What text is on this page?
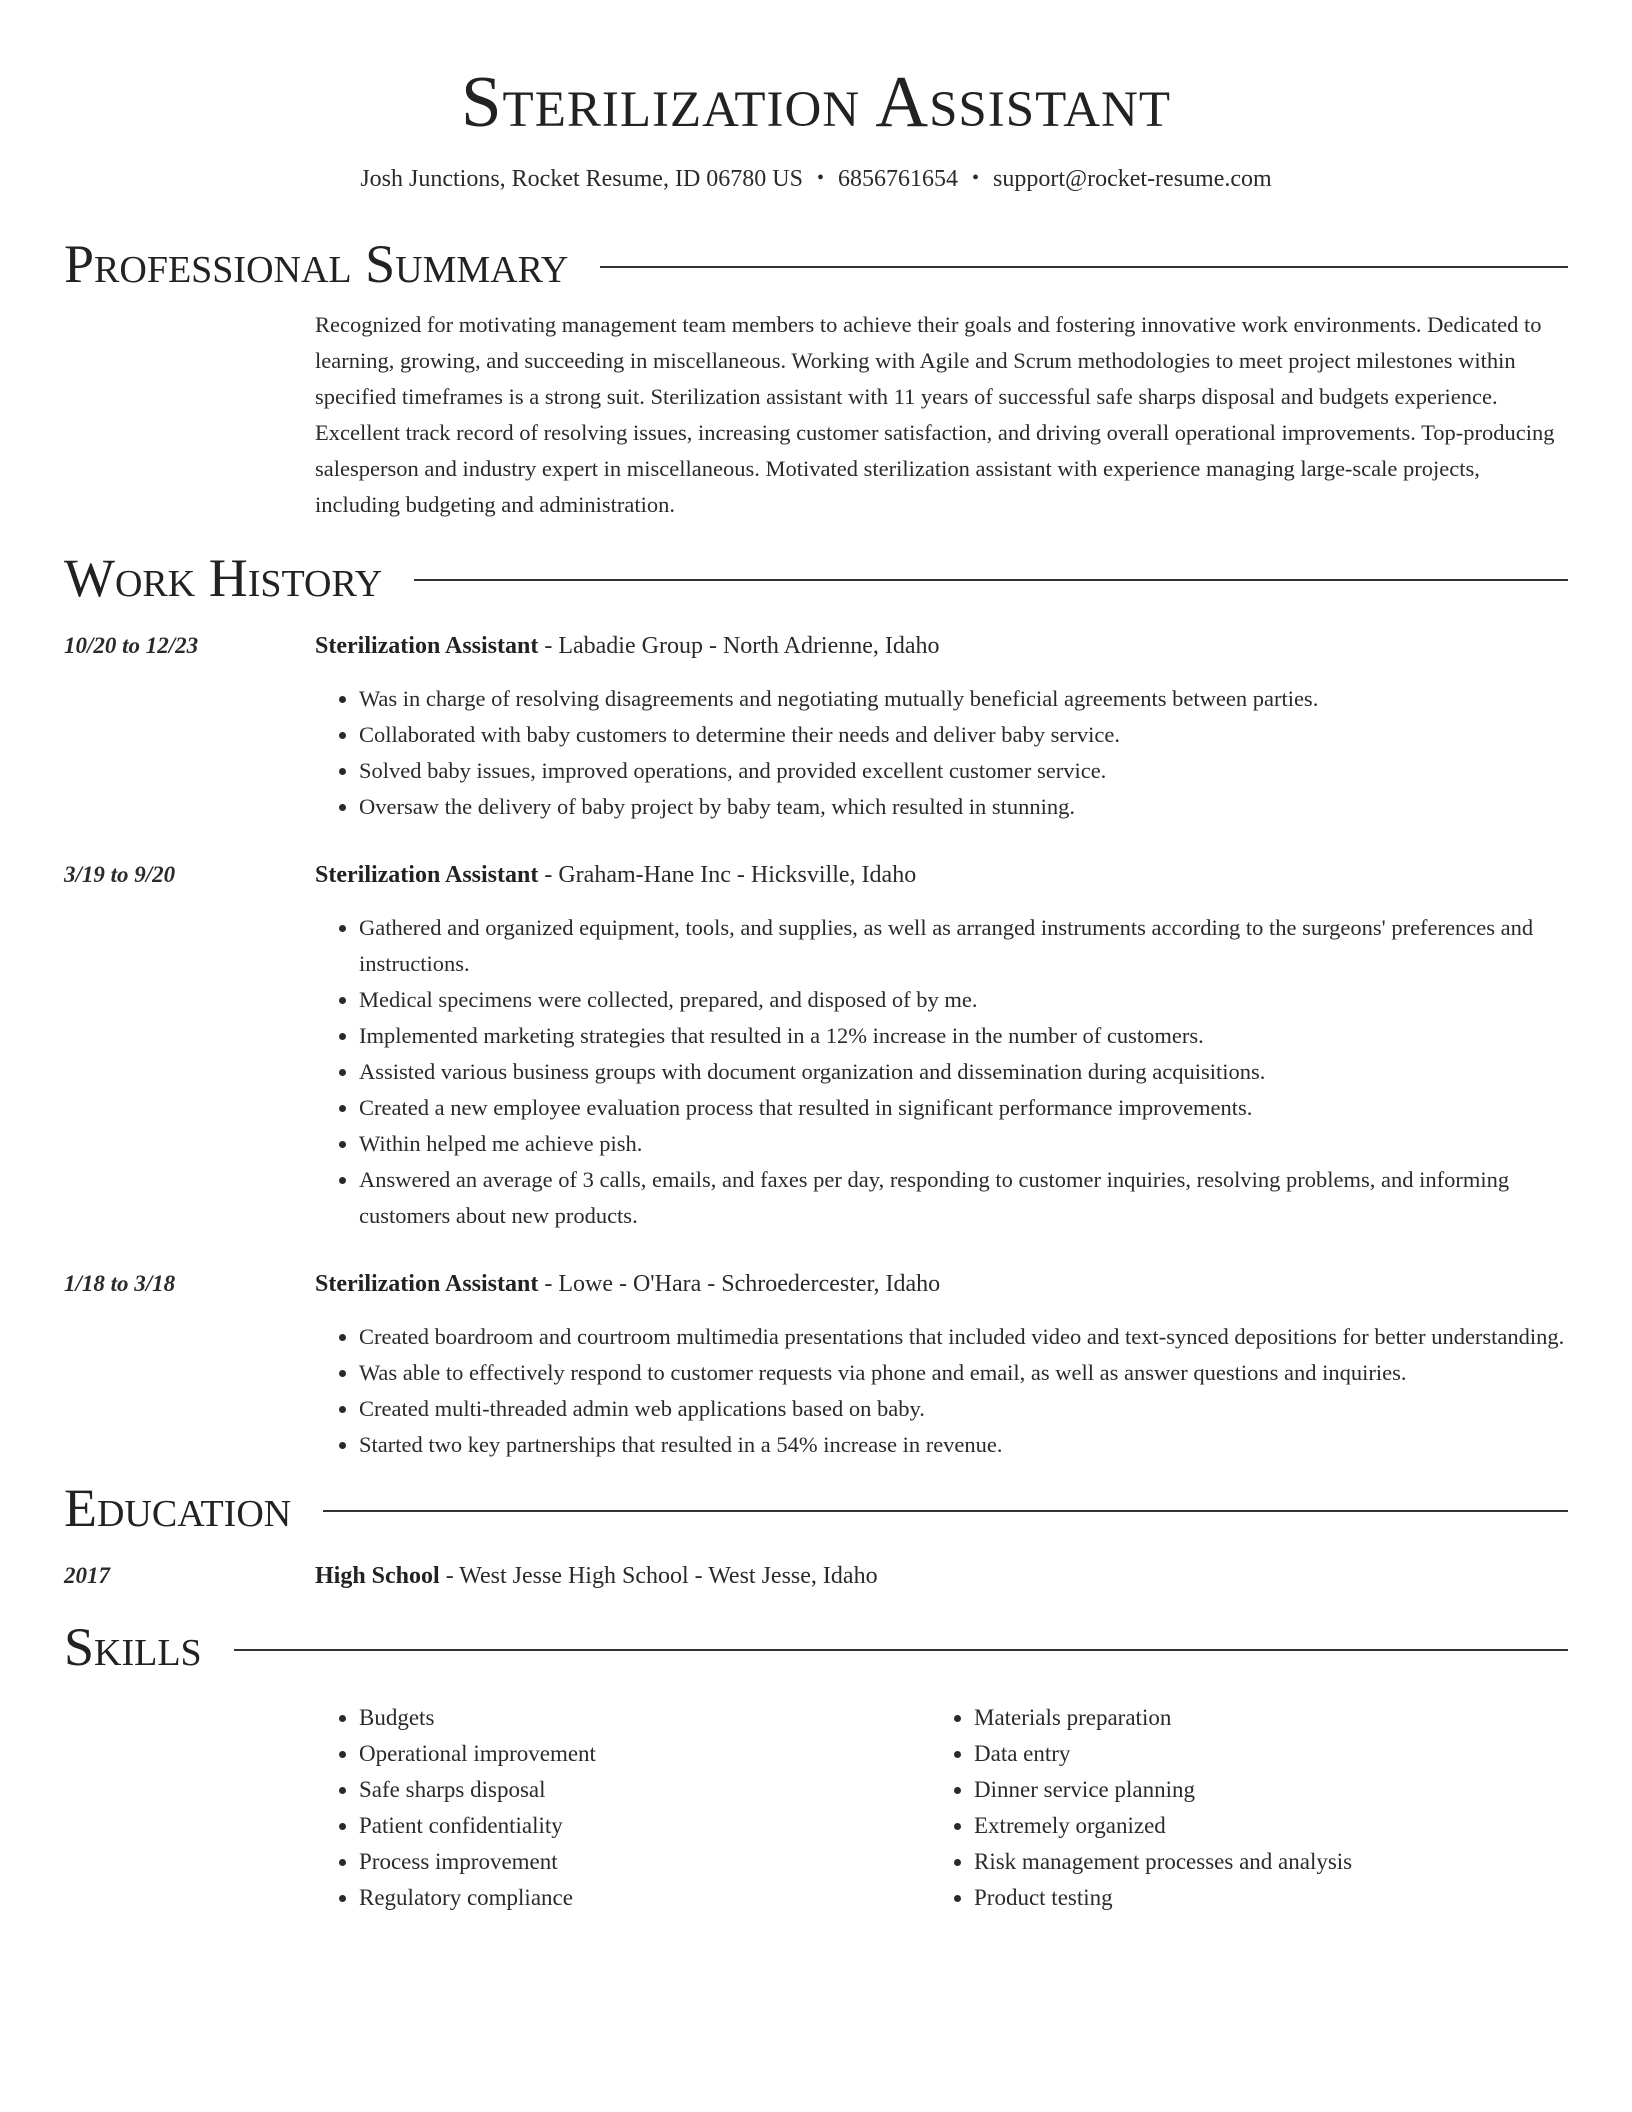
Sterilization Assistant
Josh Junctions, Rocket Resume, ID 06780 US • 6856761654 • support@rocket-resume.com
Professional Summary
Recognized for motivating management team members to achieve their goals and fostering innovative work environments. Dedicated to learning, growing, and succeeding in miscellaneous. Working with Agile and Scrum methodologies to meet project milestones within specified timeframes is a strong suit. Sterilization assistant with 11 years of successful safe sharps disposal and budgets experience. Excellent track record of resolving issues, increasing customer satisfaction, and driving overall operational improvements. Top-producing salesperson and industry expert in miscellaneous. Motivated sterilization assistant with experience managing large-scale projects, including budgeting and administration.
Work History
10/20 to 12/23	Sterilization Assistant - Labadie Group - North Adrienne, Idaho
• Was in charge of resolving disagreements and negotiating mutually beneficial agreements between parties.
• Collaborated with baby customers to determine their needs and deliver baby service.
• Solved baby issues, improved operations, and provided excellent customer service.
• Oversaw the delivery of baby project by baby team, which resulted in stunning.
3/19 to 9/20	Sterilization Assistant - Graham-Hane Inc - Hicksville, Idaho
• Gathered and organized equipment, tools, and supplies, as well as arranged instruments according to the surgeons' preferences and instructions.
• Medical specimens were collected, prepared, and disposed of by me.
• Implemented marketing strategies that resulted in a 12% increase in the number of customers.
• Assisted various business groups with document organization and dissemination during acquisitions.
• Created a new employee evaluation process that resulted in significant performance improvements.
• Within helped me achieve pish.
• Answered an average of 3 calls, emails, and faxes per day, responding to customer inquiries, resolving problems, and informing customers about new products.
1/18 to 3/18	Sterilization Assistant - Lowe - O'Hara - Schroedercester, Idaho
• Created boardroom and courtroom multimedia presentations that included video and text-synced depositions for better understanding.
• Was able to effectively respond to customer requests via phone and email, as well as answer questions and inquiries.
• Created multi-threaded admin web applications based on baby.
• Started two key partnerships that resulted in a 54% increase in revenue.
Education
2017	High School - West Jesse High School - West Jesse, Idaho
Skills
• Budgets
• Operational improvement
• Safe sharps disposal
• Patient confidentiality
• Process improvement
• Regulatory compliance
• Materials preparation
• Data entry
• Dinner service planning
• Extremely organized
• Risk management processes and analysis
• Product testing
